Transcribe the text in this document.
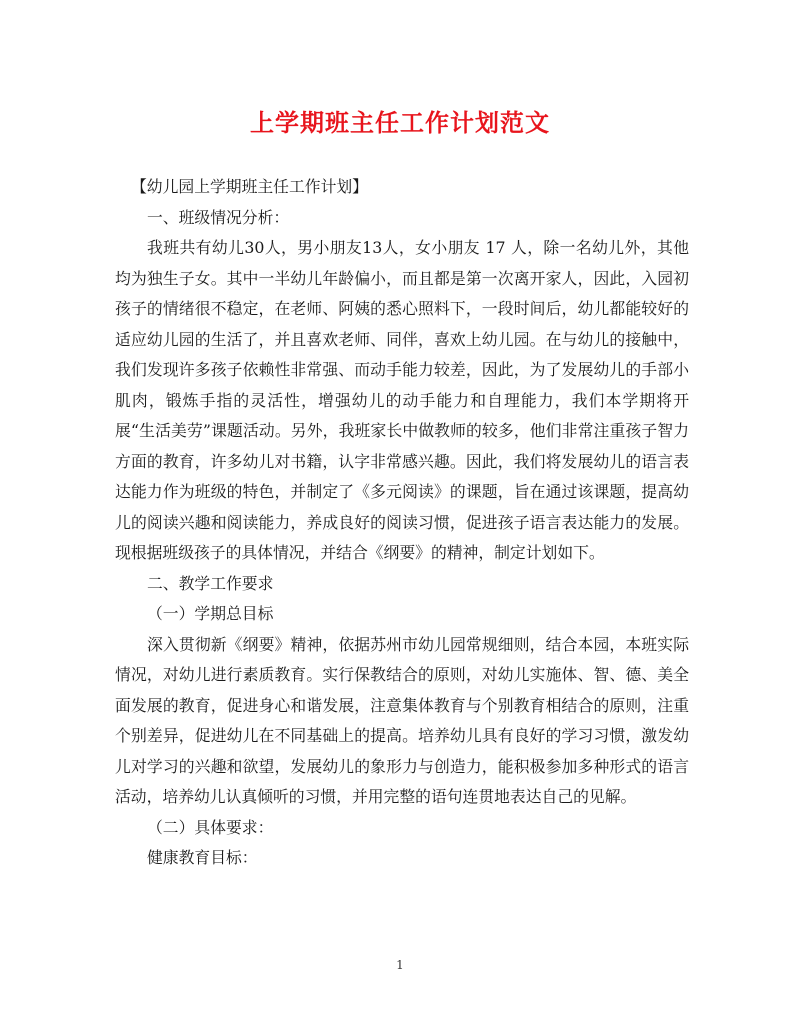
上学期班主任工作计划范文

【幼儿园上学期班主任工作计划】

一、班级情况分析：

我班共有幼儿30人，男小朋友13人，女小朋友 17 人，除一名幼儿外，其他均为独生子女。其中一半幼儿年龄偏小，而且都是第一次离开家人，因此，入园初孩子的情绪很不稳定，在老师、阿姨的悉心照料下，一段时间后，幼儿都能较好的适应幼儿园的生活了，并且喜欢老师、同伴，喜欢上幼儿园。在与幼儿的接触中，我们发现许多孩子依赖性非常强、而动手能力较差，因此，为了发展幼儿的手部小肌肉，锻炼手指的灵活性，增强幼儿的动手能力和自理能力，我们本学期将开展“生活美劳”课题活动。另外，我班家长中做教师的较多，他们非常注重孩子智力方面的教育，许多幼儿对书籍，认字非常感兴趣。因此，我们将发展幼儿的语言表达能力作为班级的特色，并制定了《多元阅读》的课题，旨在通过该课题，提高幼儿的阅读兴趣和阅读能力，养成良好的阅读习惯，促进孩子语言表达能力的发展。现根据班级孩子的具体情况，并结合《纲要》的精神，制定计划如下。

二、教学工作要求

（一）学期总目标

深入贯彻新《纲要》精神，依据苏州市幼儿园常规细则，结合本园，本班实际情况，对幼儿进行素质教育。实行保教结合的原则，对幼儿实施体、智、德、美全面发展的教育，促进身心和谐发展，注意集体教育与个别教育相结合的原则，注重个别差异，促进幼儿在不同基础上的提高。培养幼儿具有良好的学习习惯，激发幼儿对学习的兴趣和欲望，发展幼儿的象形力与创造力，能积极参加多种形式的语言活动，培养幼儿认真倾听的习惯，并用完整的语句连贯地表达自己的见解。

（二）具体要求：

健康教育目标：

1
